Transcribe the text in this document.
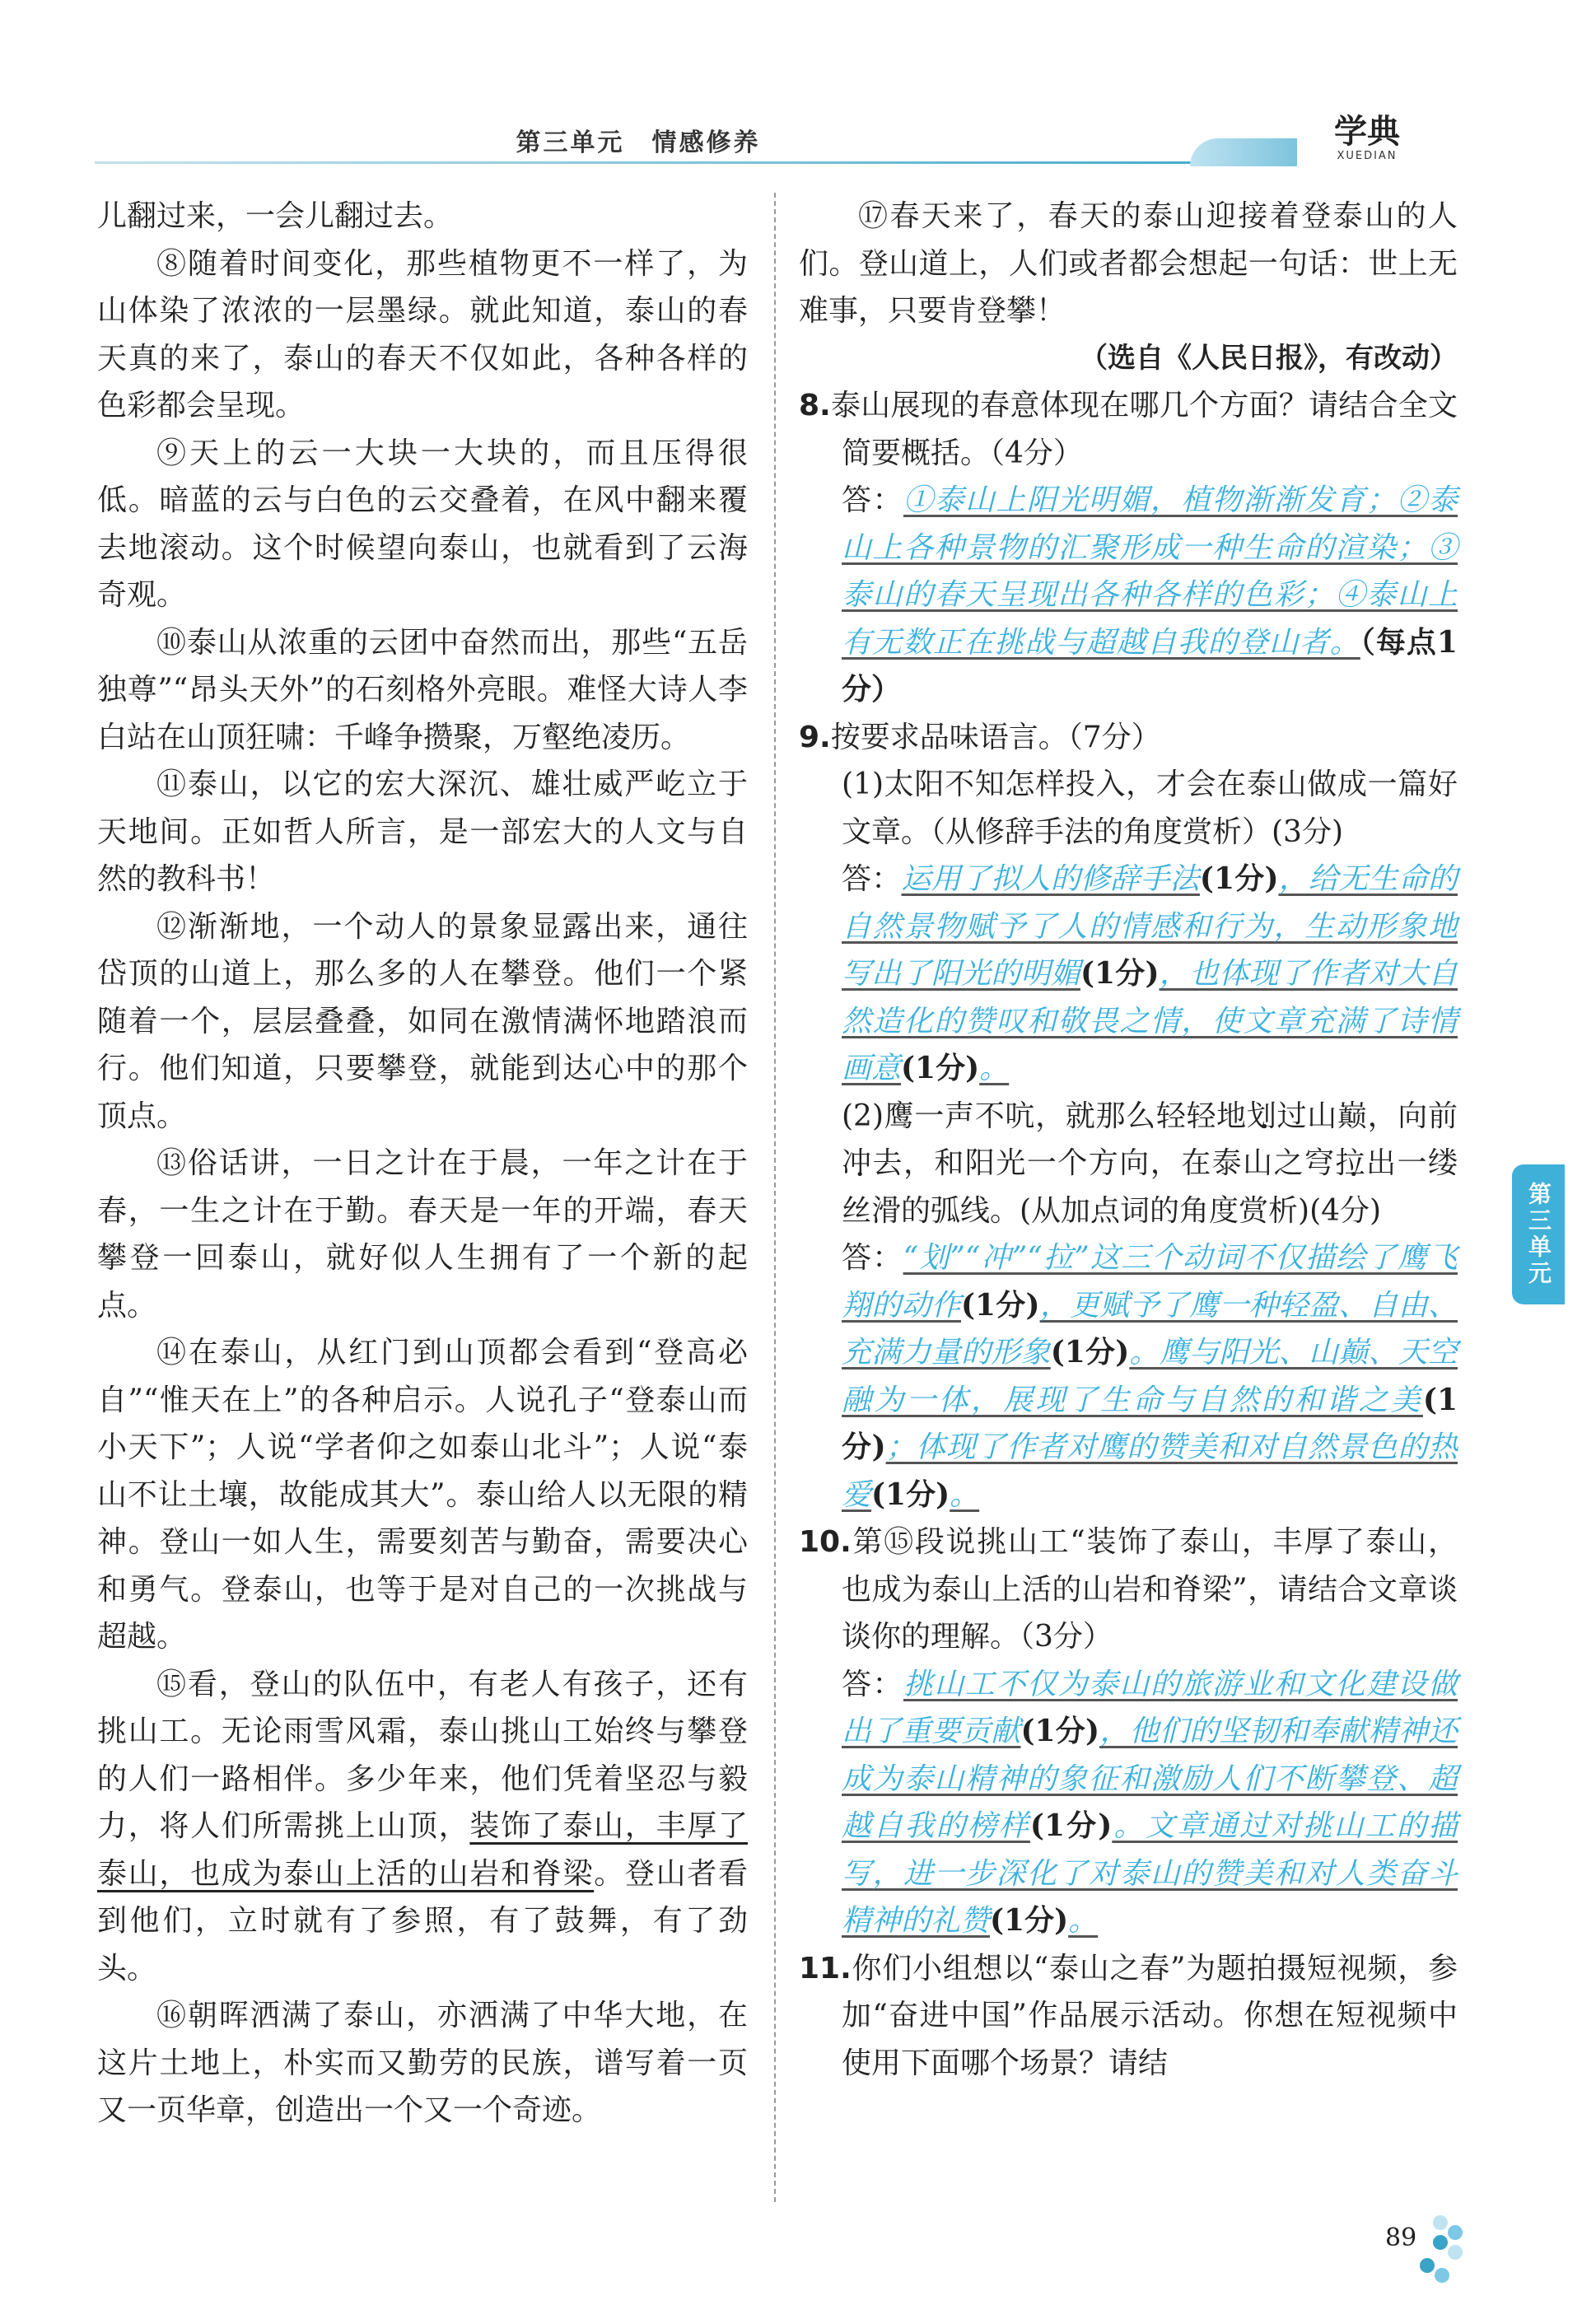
第三单元　情感修养	学典
XUEDIAN

儿翻过来，一会儿翻过去。

⑧随着时间变化，那些植物更不一样了，为山体染了浓浓的一层墨绿。就此知道，泰山的春天真的来了，泰山的春天不仅如此，各种各样的色彩都会呈现。

⑨天上的云一大块一大块的，而且压得很低。暗蓝的云与白色的云交叠着，在风中翻来覆去地滚动。这个时候望向泰山，也就看到了云海奇观。

⑩泰山从浓重的云团中奋然而出，那些“五岳独尊”“昂头天外”的石刻格外亮眼。难怪大诗人李白站在山顶狂啸：千峰争攒聚，万壑绝凌历。

⑪泰山，以它的宏大深沉、雄壮威严屹立于天地间。正如哲人所言，是一部宏大的人文与自然的教科书！

⑫渐渐地，一个动人的景象显露出来，通往岱顶的山道上，那么多的人在攀登。他们一个紧随着一个，层层叠叠，如同在激情满怀地踏浪而行。他们知道，只要攀登，就能到达心中的那个顶点。

⑬俗话讲，一日之计在于晨，一年之计在于春，一生之计在于勤。春天是一年的开端，春天攀登一回泰山，就好似人生拥有了一个新的起点。

⑭在泰山，从红门到山顶都会看到“登高必自”“惟天在上”的各种启示。人说孔子“登泰山而小天下”；人说“学者仰之如泰山北斗”；人说“泰山不让土壤，故能成其大”。泰山给人以无限的精神。登山一如人生，需要刻苦与勤奋，需要决心和勇气。登泰山，也等于是对自己的一次挑战与超越。

⑮看，登山的队伍中，有老人有孩子，还有挑山工。无论雨雪风霜，泰山挑山工始终与攀登的人们一路相伴。多少年来，他们凭着坚忍与毅力，将人们所需挑上山顶，装饰了泰山，丰厚了泰山，也成为泰山上活的山岩和脊梁。登山者看到他们，立时就有了参照，有了鼓舞，有了劲头。

⑯朝晖洒满了泰山，亦洒满了中华大地，在这片土地上，朴实而又勤劳的民族，谱写着一页又一页华章，创造出一个又一个奇迹。

⑰春天来了，春天的泰山迎接着登泰山的人们。登山道上，人们或者都会想起一句话：世上无难事，只要肯登攀！

（选自《人民日报》，有改动）

8.泰山展现的春意体现在哪几个方面？请结合全文简要概括。（4分）

答：①泰山上阳光明媚，植物渐渐发育；②泰山上各种景物的汇聚形成一种生命的渲染；③泰山的春天呈现出各种各样的色彩；④泰山上有无数正在挑战与超越自我的登山者。（每点1分）

9.按要求品味语言。（7分）

(1)太阳不知怎样投入，才会在泰山做成一篇好文章。（从修辞手法的角度赏析）(3分)

答：运用了拟人的修辞手法(1分)，给无生命的自然景物赋予了人的情感和行为，生动形象地写出了阳光的明媚(1分)，也体现了作者对大自然造化的赞叹和敬畏之情，使文章充满了诗情画意(1分)。

(2)鹰一声不吭，就那么轻轻地划过山巅，向前冲去，和阳光一个方向，在泰山之穹拉出一缕丝滑的弧线。(从加点词的角度赏析)(4分)

答：“划”“冲”“拉”这三个动词不仅描绘了鹰飞翔的动作(1分)，更赋予了鹰一种轻盈、自由、充满力量的形象(1分)。鹰与阳光、山巅、天空融为一体，展现了生命与自然的和谐之美(1分)；体现了作者对鹰的赞美和对自然景色的热爱(1分)。

10.第⑮段说挑山工“装饰了泰山，丰厚了泰山，也成为泰山上活的山岩和脊梁”，请结合文章谈谈你的理解。（3分）

答：挑山工不仅为泰山的旅游业和文化建设做出了重要贡献(1分)，他们的坚韧和奉献精神还成为泰山精神的象征和激励人们不断攀登、超越自我的榜样(1分)。文章通过对挑山工的描写，进一步深化了对泰山的赞美和对人类奋斗精神的礼赞(1分)。

11.你们小组想以“泰山之春”为题拍摄短视频，参加“奋进中国”作品展示活动。你想在短视频中使用下面哪个场景？请结

第三单元
89
